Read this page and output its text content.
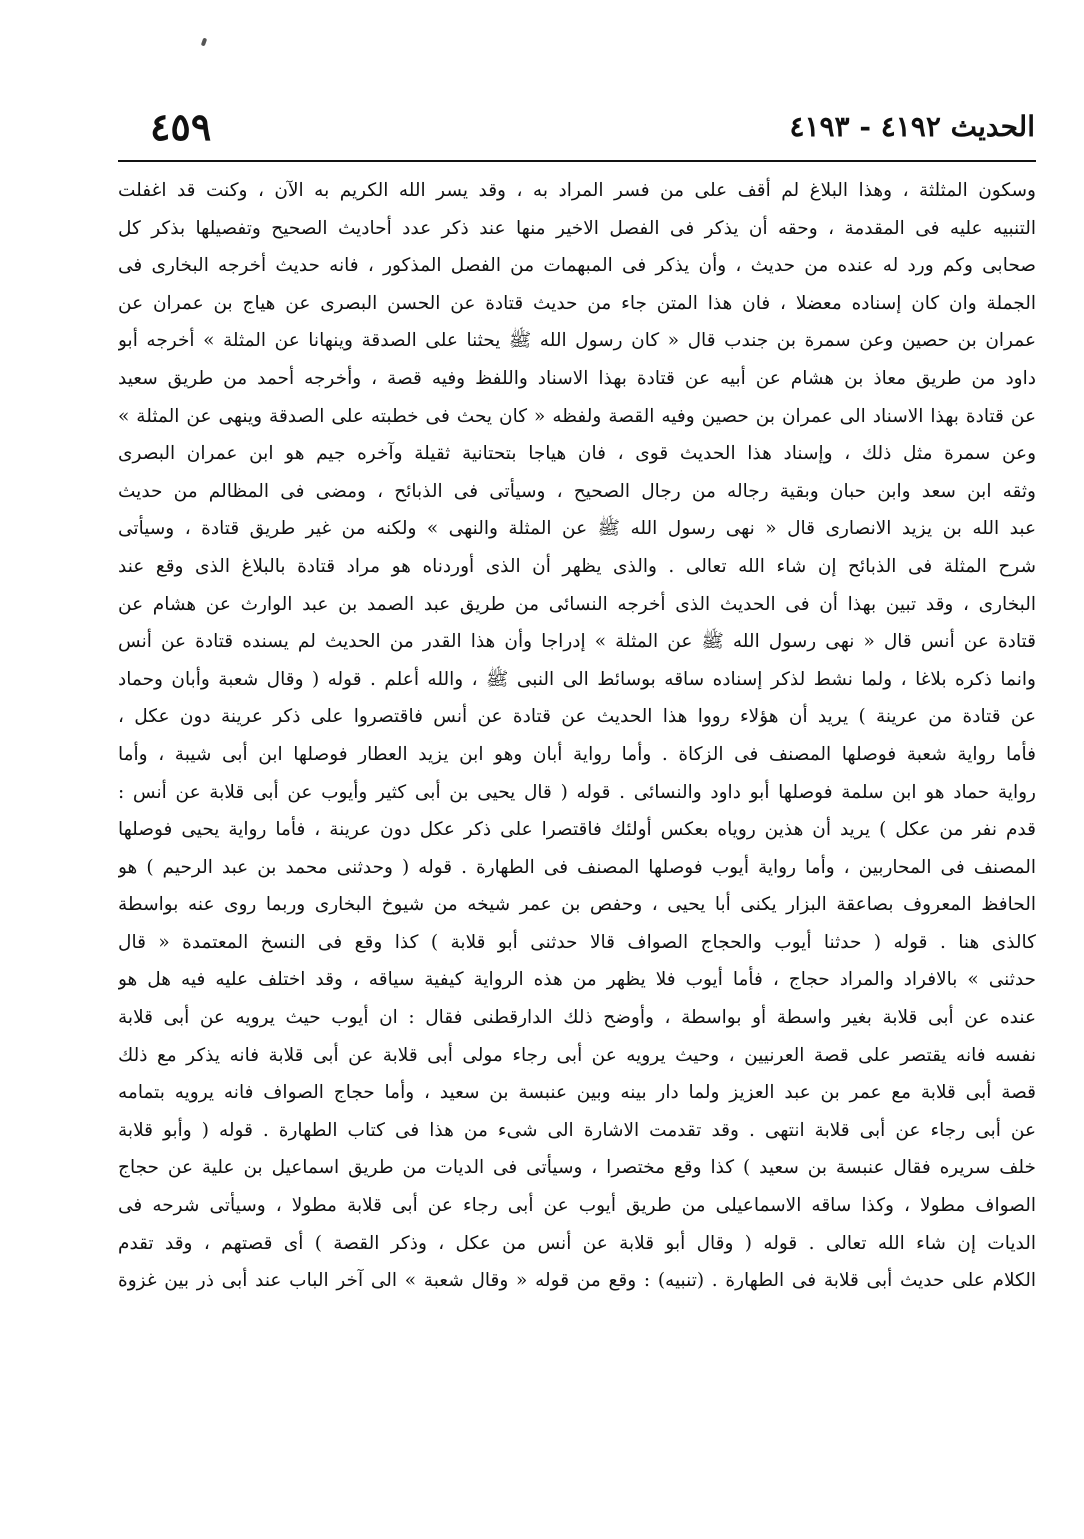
الحديث ٤١٩٢ - ٤١٩٣
٤٥٩
وسكون المثلثة ، وهذا البلاغ لم أقف على من فسر المراد به ، وقد يسر الله الكريم به الآن ، وكنت قد اغفلت
التنبيه عليه فى المقدمة ، وحقه أن يذكر فى الفصل الاخير منها عند ذكر عدد أحاديث الصحيح وتفصيلها بذكر كل
صحابى وكم ورد له عنده من حديث ، وأن يذكر فى المبهمات من الفصل المذكور ، فانه حديث أخرجه البخارى فى
الجملة وان كان إسناده معضلا ، فان هذا المتن جاء من حديث قتادة عن الحسن البصرى عن هياج بن عمران عن
عمران بن حصين وعن سمرة بن جندب قال « كان رسول الله ﷺ يحثنا على الصدقة وينهانا عن المثلة » أخرجه أبو
داود من طريق معاذ بن هشام عن أبيه عن قتادة بهذا الاسناد واللفظ وفيه قصة ، وأخرجه أحمد من طريق سعيد
عن قتادة بهذا الاسناد الى عمران بن حصين وفيه القصة ولفظه « كان يحث فى خطبته على الصدقة وينهى عن المثلة »
وعن سمرة مثل ذلك ، وإسناد هذا الحديث قوى ، فان هياجا بتحتانية ثقيلة وآخره جيم هو ابن عمران البصرى
وثقه ابن سعد وابن حبان وبقية رجاله من رجال الصحيح ، وسيأتى فى الذبائح ، ومضى فى المظالم من حديث
عبد الله بن يزيد الانصارى قال « نهى رسول الله ﷺ عن المثلة والنهى » ولكنه من غير طريق قتادة ، وسيأتى
شرح المثلة فى الذبائح إن شاء الله تعالى . والذى يظهر أن الذى أوردناه هو مراد قتادة بالبلاغ الذى وقع عند
البخارى ، وقد تبين بهذا أن فى الحديث الذى أخرجه النسائى من طريق عبد الصمد بن عبد الوارث عن هشام عن
قتادة عن أنس قال « نهى رسول الله ﷺ عن المثلة » إدراجا وأن هذا القدر من الحديث لم يسنده قتادة عن أنس
وانما ذكره بلاغا ، ولما نشط لذكر إسناده ساقه بوسائط الى النبى ﷺ ، والله أعلم . قوله ( وقال شعبة وأبان وحماد
عن قتادة من عرينة ) يريد أن هؤلاء رووا هذا الحديث عن قتادة عن أنس فاقتصروا على ذكر عرينة دون عكل ،
فأما رواية شعبة فوصلها المصنف فى الزكاة . وأما رواية أبان وهو ابن يزيد العطار فوصلها ابن أبى شيبة ، وأما
رواية حماد هو ابن سلمة فوصلها أبو داود والنسائى . قوله ( قال يحيى بن أبى كثير وأيوب عن أبى قلابة عن أنس :
قدم نفر من عكل ) يريد أن هذين روياه بعكس أولئك فاقتصرا على ذكر عكل دون عرينة ، فأما رواية يحيى فوصلها
المصنف فى المحاربين ، وأما رواية أيوب فوصلها المصنف فى الطهارة . قوله ( وحدثنى محمد بن عبد الرحيم ) هو
الحافظ المعروف بصاعقة البزار يكنى أبا يحيى ، وحفص بن عمر شيخه من شيوخ البخارى وربما روى عنه بواسطة
كالذى هنا . قوله ( حدثنا أيوب والحجاج الصواف قالا حدثنى أبو قلابة ) كذا وقع فى النسخ المعتمدة « قال
حدثنى » بالافراد والمراد حجاج ، فأما أيوب فلا يظهر من هذه الرواية كيفية سياقه ، وقد اختلف عليه فيه هل هو
عنده عن أبى قلابة بغير واسطة أو بواسطة ، وأوضح ذلك الدارقطنى فقال : ان أيوب حيث يرويه عن أبى قلابة
نفسه فانه يقتصر على قصة العرنيين ، وحيث يرويه عن أبى رجاء مولى أبى قلابة عن أبى قلابة فانه يذكر مع ذلك
قصة أبى قلابة مع عمر بن عبد العزيز ولما دار بينه وبين عنبسة بن سعيد ، وأما حجاج الصواف فانه يرويه بتمامه
عن أبى رجاء عن أبى قلابة انتهى . وقد تقدمت الاشارة الى شىء من هذا فى كتاب الطهارة . قوله ( وأبو قلابة
خلف سريره فقال عنبسة بن سعيد ) كذا وقع مختصرا ، وسيأتى فى الديات من طريق اسماعيل بن علية عن حجاج
الصواف مطولا ، وكذا ساقه الاسماعيلى من طريق أيوب عن أبى رجاء عن أبى قلابة مطولا ، وسيأتى شرحه فى
الديات إن شاء الله تعالى . قوله ( وقال أبو قلابة عن أنس من عكل ، وذكر القصة ) أى قصتهم ، وقد تقدم
الكلام على حديث أبى قلابة فى الطهارة . (تنبيه) : وقع من قوله « وقال شعبة » الى آخر الباب عند أبى ذر بين غزوة
